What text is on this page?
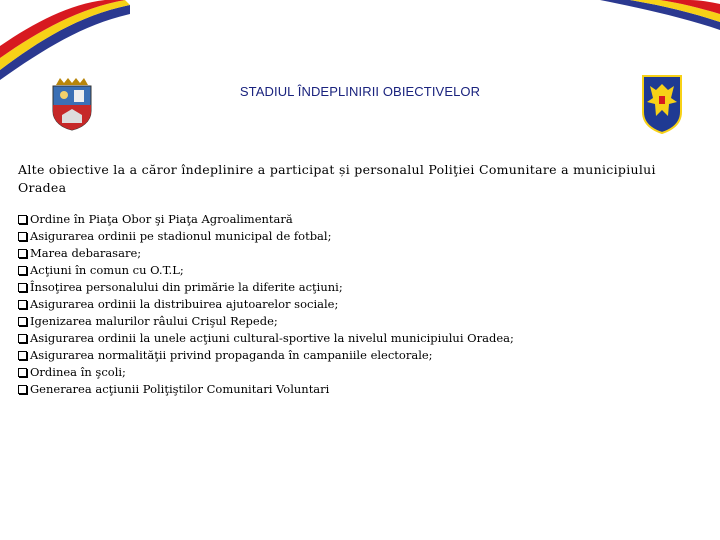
STADIUL ÎNDEPLINIRII OBIECTIVELOR
Alte obiective la a căror îndeplinire a participat și personalul Poliţiei Comunitare a municipiului Oradea
Ordine în Piaţa Obor şi Piaţa Agroalimentară
Asigurarea ordinii pe stadionul municipal de fotbal;
Marea debarasare;
Acţiuni în comun cu O.T.L;
Însoţirea personalului din primărie la diferite acţiuni;
Asigurarea ordinii la distribuirea ajutoarelor sociale;
Igenizarea malurilor râului Crişul Repede;
Asigurarea ordinii la unele acţiuni cultural-sportive la nivelul municipiului Oradea;
Asigurarea normalităţii privind propaganda în campaniile electorale;
Ordinea în şcoli;
Generarea acţiunii Poliţiştilor Comunitari Voluntari
